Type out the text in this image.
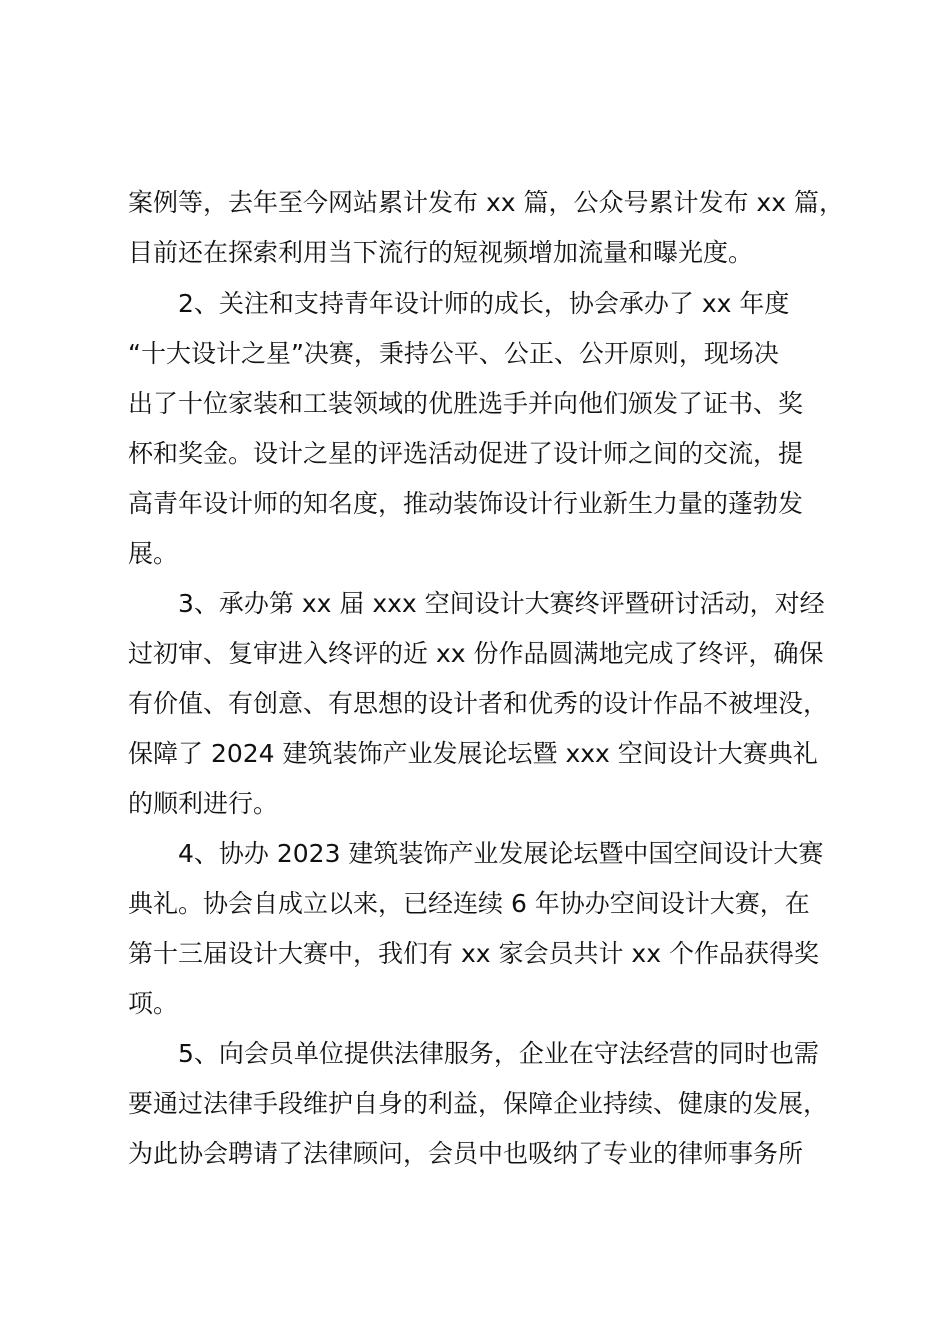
案例等，去年至今网站累计发布 xx 篇，公众号累计发布 xx 篇，
目前还在探索利用当下流行的短视频增加流量和曝光度。
2、关注和支持青年设计师的成长，协会承办了 xx 年度
“十大设计之星”决赛，秉持公平、公正、公开原则，现场决
出了十位家装和工装领域的优胜选手并向他们颁发了证书、奖
杯和奖金。设计之星的评选活动促进了设计师之间的交流，提
高青年设计师的知名度，推动装饰设计行业新生力量的蓬勃发
展。
3、承办第 xx 届 xxx 空间设计大赛终评暨研讨活动，对经
过初审、复审进入终评的近 xx 份作品圆满地完成了终评，确保
有价值、有创意、有思想的设计者和优秀的设计作品不被埋没，
保障了 2024 建筑装饰产业发展论坛暨 xxx 空间设计大赛典礼
的顺利进行。
4、协办 2023 建筑装饰产业发展论坛暨中国空间设计大赛
典礼。协会自成立以来，已经连续 6 年协办空间设计大赛，在
第十三届设计大赛中，我们有 xx 家会员共计 xx 个作品获得奖
项。
5、向会员单位提供法律服务，企业在守法经营的同时也需
要通过法律手段维护自身的利益，保障企业持续、健康的发展，
为此协会聘请了法律顾问，会员中也吸纳了专业的律师事务所
